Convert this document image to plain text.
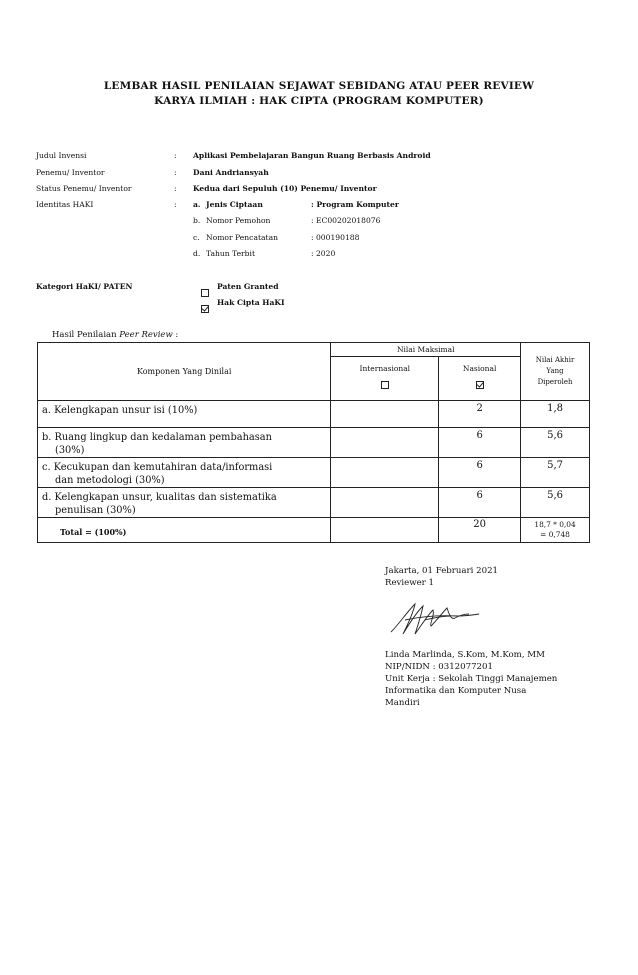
LEMBAR HASIL PENILAIAN SEJAWAT SEBIDANG ATAU PEER REVIEW
KARYA ILMIAH : HAK CIPTA (PROGRAM KOMPUTER)
Judul Invensi	: Aplikasi Pembelajaran Bangun Ruang Berbasis Android
Penemu/ Inventor	: Dani Andriansyah
Status Penemu/ Inventor	: Kedua dari Sepuluh (10) Penemu/ Inventor
Identitas HAKI	: a. Jenis Ciptaan	: Program Komputer
b. Nomor Pemohon	: EC00202018076
c. Nomor Pencatatan	: 000190188
d. Tahun Terbit	: 2020
Kategori HaKI/ PATEN	Paten Granted
Hak Cipta HaKI
Hasil Penilaian Peer Review :
Komponen Yang Dinilai	Nilai Maksimal		Nilai Akhir
Yang
Diperoleh

	Internasional	Nasional	

a. Kelengkapan unsur isi (10%)		2	1,8

b. Ruang lingkup dan kedalaman pembahasan
(30%)		6	5,6

c. Kecukupan dan kemutahiran data/informasi
dan metodologi (30%)		6	5,7

d. Kelengkapan unsur, kualitas dan sistematika
penulisan (30%)		6	5,6

Total = (100%)		20	18,7 * 0,04
= 0,748
Jakarta, 01 Februari 2021
Reviewer 1
Linda Marlinda, S.Kom, M.Kom, MM
NIP/NIDN : 0312077201
Unit Kerja : Sekolah Tinggi Manajemen
Informatika dan Komputer Nusa
Mandiri
